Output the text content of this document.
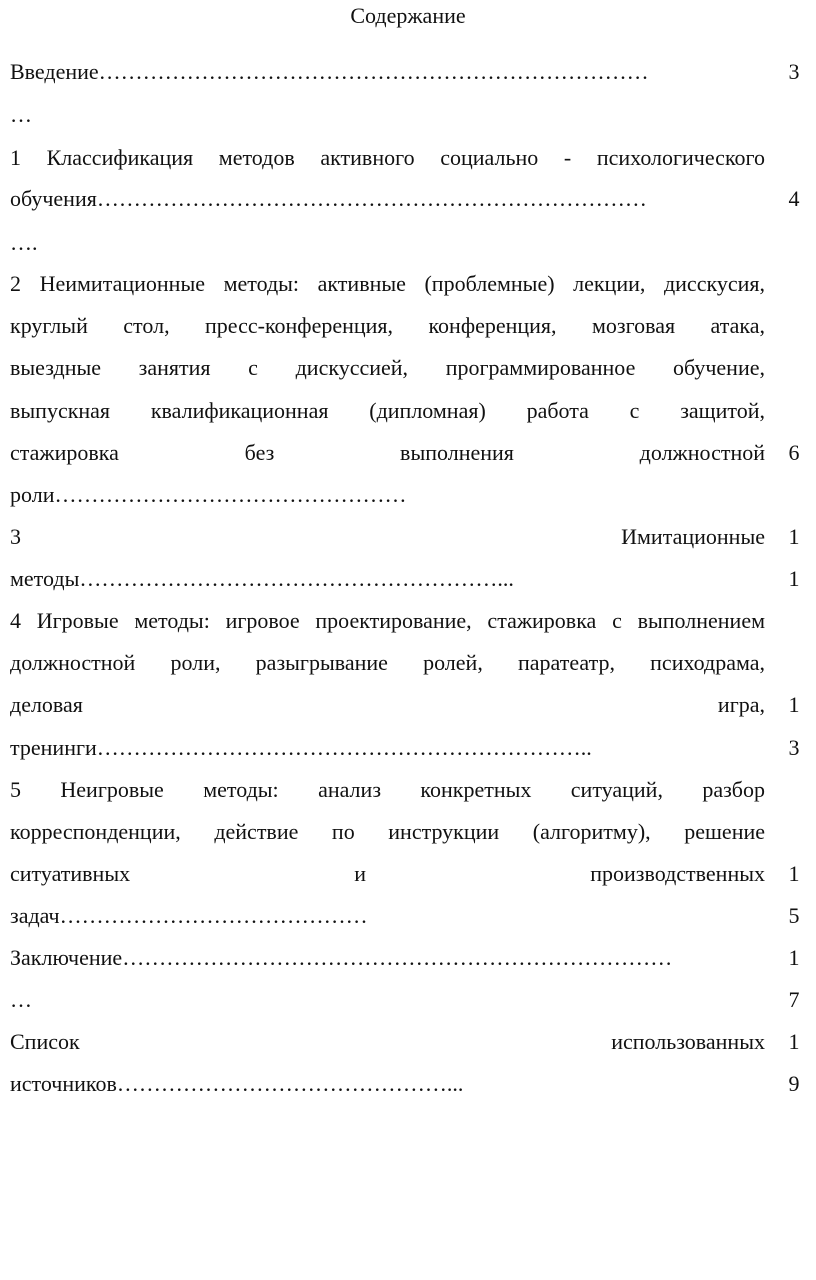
Содержание
Введение…………………………………………………………………
…
1 Классификация методов активного социально - психологического
обучения…………………………………………………………………
….
2 Неимитационные методы: активные (проблемные) лекции, дисскусия,
круглый стол, пресс-конференция, конференция, мозговая атака,
выездные занятия с дискуссией, программированное обучение,
выпускная квалификационная (дипломная) работа с защитой,
стажировка без выполнения должностной
роли…………………………………………
3 Имитационные
методы…………………………………………………...
4 Игровые методы: игровое проектирование, стажировка с выполнением
должностной роли, разыгрывание ролей, паратеатр, психодрама,
деловая игра,
тренинги…………………………………………………………..
5 Неигровые методы: анализ конкретных ситуаций, разбор
корреспонденции, действие по инструкции (алгоритму), решение
ситуативных и производственных
задач……………………………………
Заключение…………………………………………………………………
…
Список использованных
источников………………………………………...
3
4
6
1
1
1
3
1
5
1
7
1
9
